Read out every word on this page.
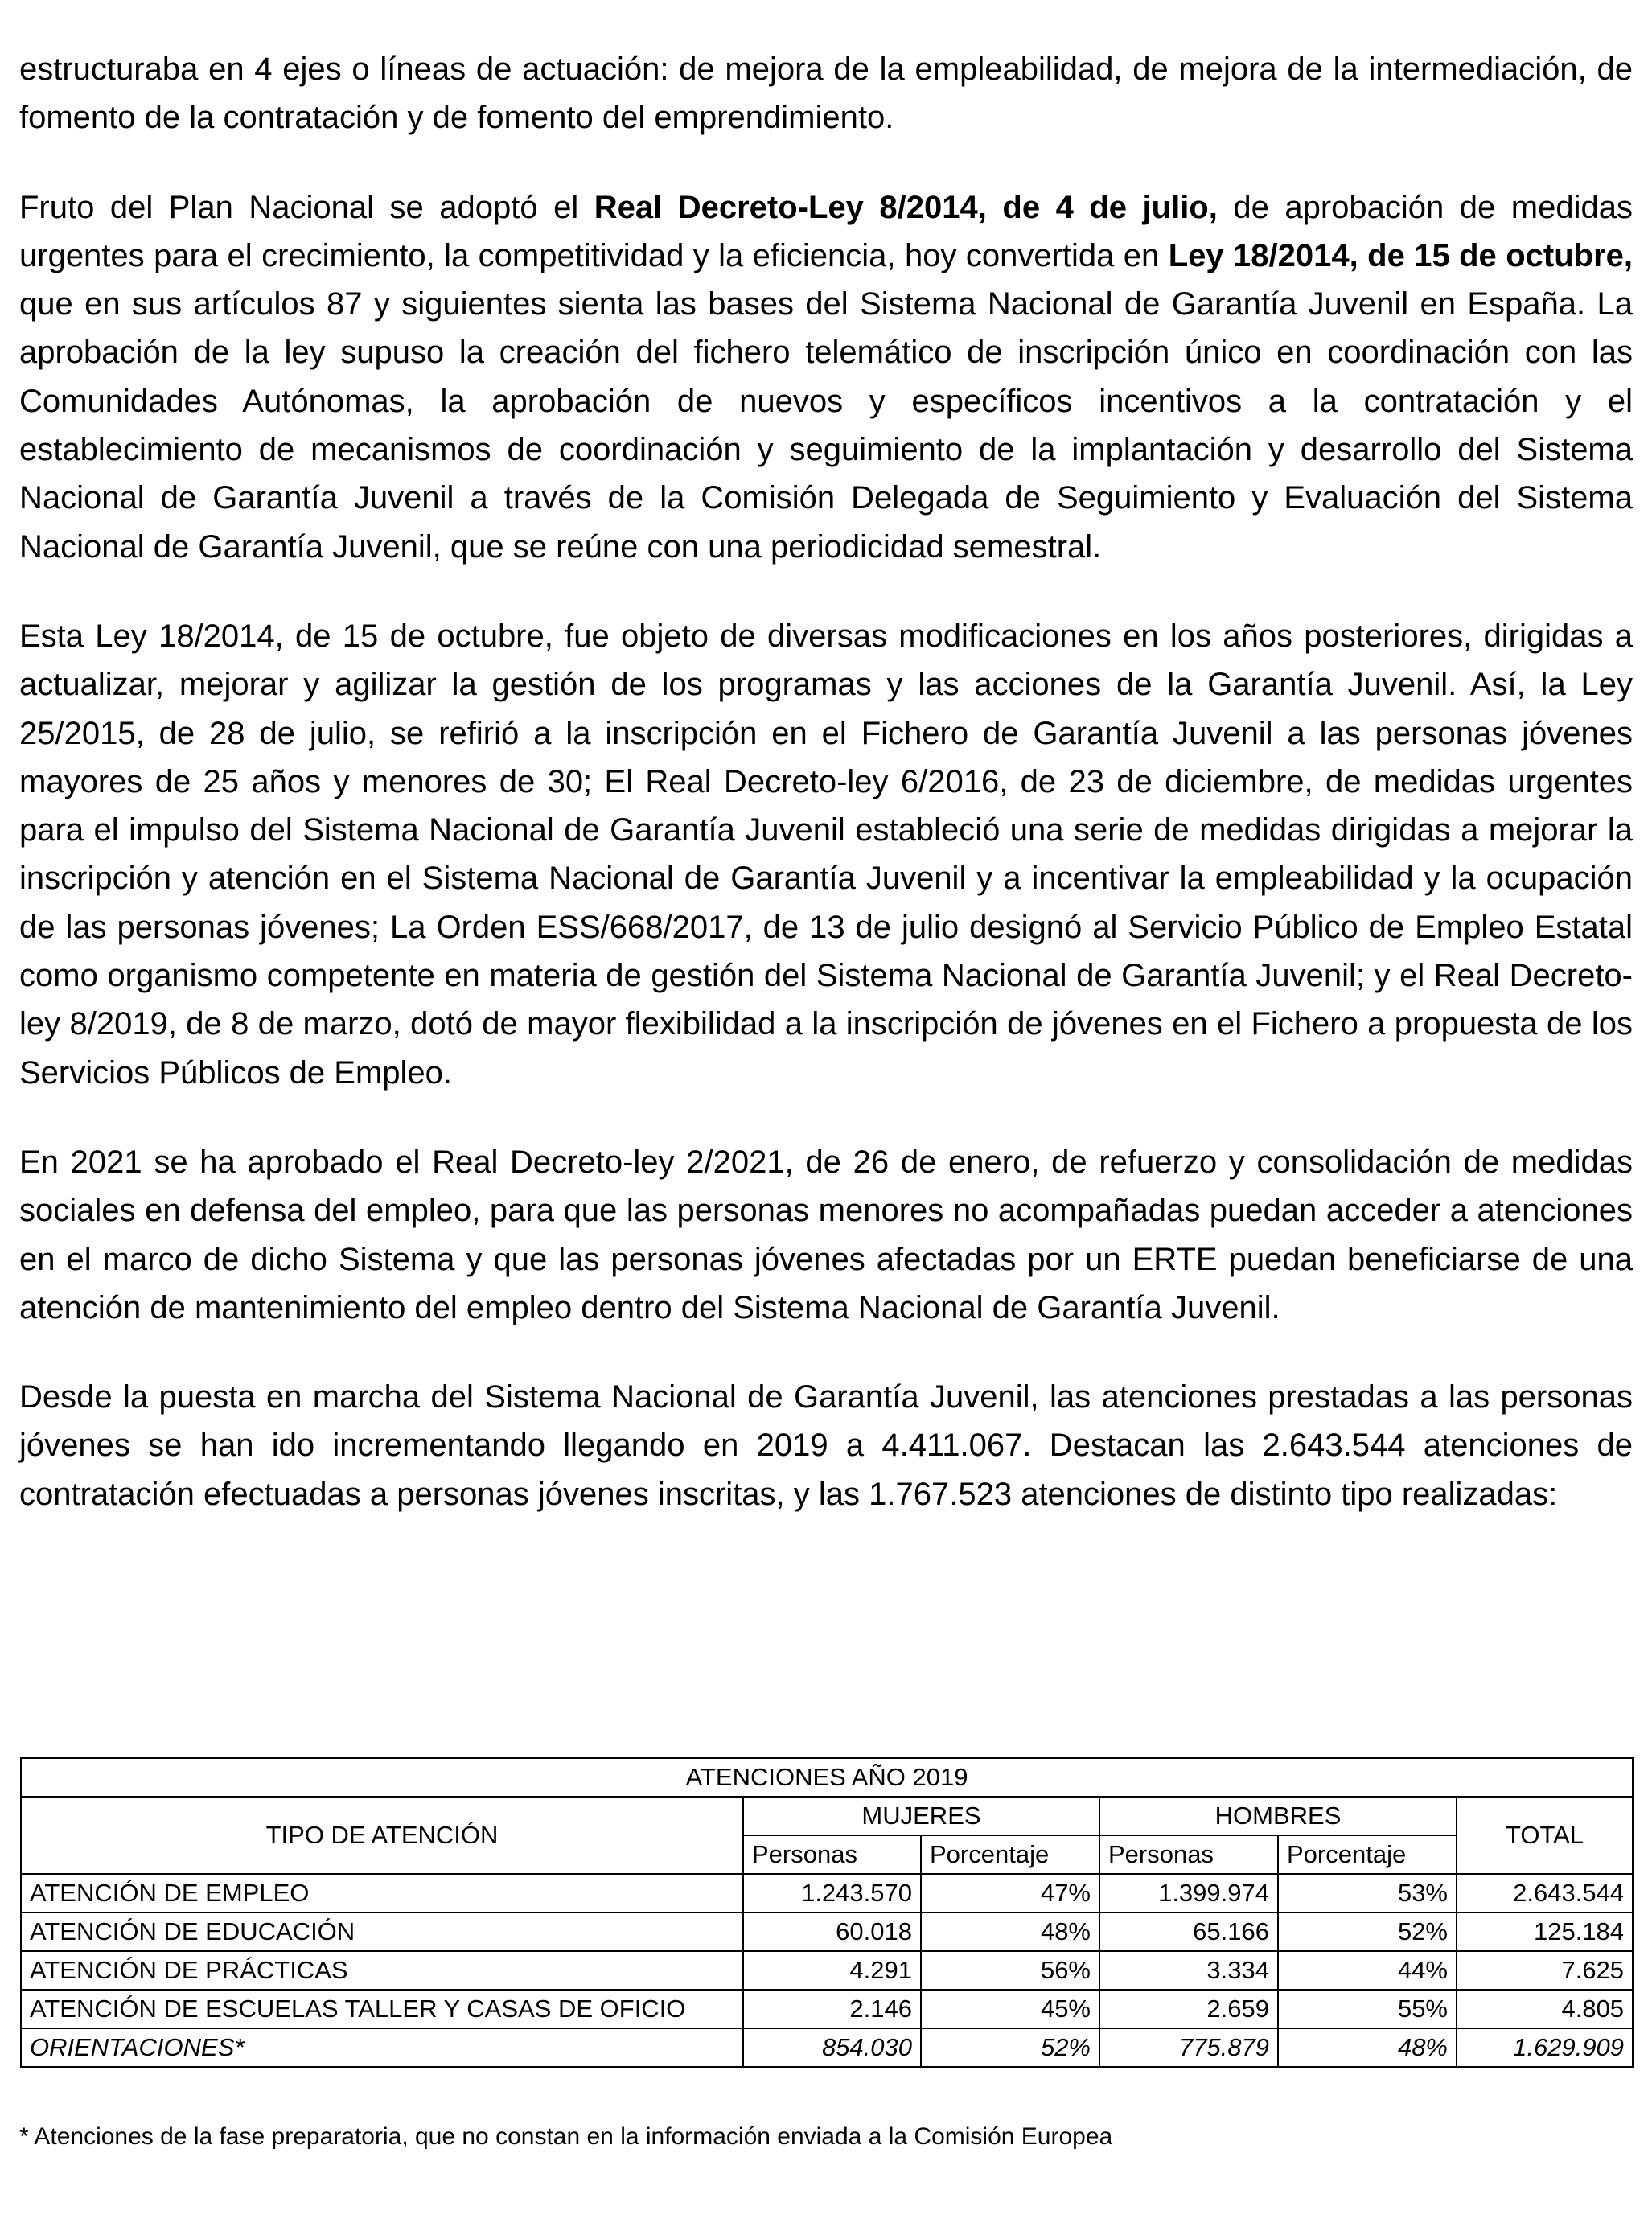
estructuraba en 4 ejes o líneas de actuación: de mejora de la empleabilidad, de mejora de la intermediación, de fomento de la contratación y de fomento del emprendimiento.

Fruto del Plan Nacional se adoptó el Real Decreto-Ley 8/2014, de 4 de julio, de aprobación de medidas urgentes para el crecimiento, la competitividad y la eficiencia, hoy convertida en Ley 18/2014, de 15 de octubre, que en sus artículos 87 y siguientes sienta las bases del Sistema Nacional de Garantía Juvenil en España. La aprobación de la ley supuso la creación del fichero telemático de inscripción único en coordinación con las Comunidades Autónomas, la aprobación de nuevos y específicos incentivos a la contratación y el establecimiento de mecanismos de coordinación y seguimiento de la implantación y desarrollo del Sistema Nacional de Garantía Juvenil a través de la Comisión Delegada de Seguimiento y Evaluación del Sistema Nacional de Garantía Juvenil, que se reúne con una periodicidad semestral.

Esta Ley 18/2014, de 15 de octubre, fue objeto de diversas modificaciones en los años posteriores, dirigidas a actualizar, mejorar y agilizar la gestión de los programas y las acciones de la Garantía Juvenil. Así, la Ley 25/2015, de 28 de julio, se refirió a la inscripción en el Fichero de Garantía Juvenil a las personas jóvenes mayores de 25 años y menores de 30; El Real Decreto-ley 6/2016, de 23 de diciembre, de medidas urgentes para el impulso del Sistema Nacional de Garantía Juvenil estableció una serie de medidas dirigidas a mejorar la inscripción y atención en el Sistema Nacional de Garantía Juvenil y a incentivar la empleabilidad y la ocupación de las personas jóvenes; La Orden ESS/668/2017, de 13 de julio designó al Servicio Público de Empleo Estatal como organismo competente en materia de gestión del Sistema Nacional de Garantía Juvenil; y el Real Decreto-ley 8/2019, de 8 de marzo, dotó de mayor flexibilidad a la inscripción de jóvenes en el Fichero a propuesta de los Servicios Públicos de Empleo.

En 2021 se ha aprobado el Real Decreto-ley 2/2021, de 26 de enero, de refuerzo y consolidación de medidas sociales en defensa del empleo, para que las personas menores no acompañadas puedan acceder a atenciones en el marco de dicho Sistema y que las personas jóvenes afectadas por un ERTE puedan beneficiarse de una atención de mantenimiento del empleo dentro del Sistema Nacional de Garantía Juvenil.

Desde la puesta en marcha del Sistema Nacional de Garantía Juvenil, las atenciones prestadas a las personas jóvenes se han ido incrementando llegando en 2019 a 4.411.067. Destacan las 2.643.544 atenciones de contratación efectuadas a personas jóvenes inscritas, y las 1.767.523 atenciones de distinto tipo realizadas:

ATENCIONES AÑO 2019					
TIPO DE ATENCIÓN	MUJERES		HOMBRES		TOTAL
	Personas	Porcentaje	Personas	Porcentaje	
ATENCIÓN DE EMPLEO	1.243.570	47%	1.399.974	53%	2.643.544
ATENCIÓN DE EDUCACIÓN	60.018	48%	65.166	52%	125.184
ATENCIÓN DE PRÁCTICAS	4.291	56%	3.334	44%	7.625
ATENCIÓN DE ESCUELAS TALLER Y CASAS DE OFICIO	2.146	45%	2.659	55%	4.805
ORIENTACIONES*	854.030	52%	775.879	48%	1.629.909
* Atenciones de la fase preparatoria, que no constan en la información enviada a la Comisión Europea
